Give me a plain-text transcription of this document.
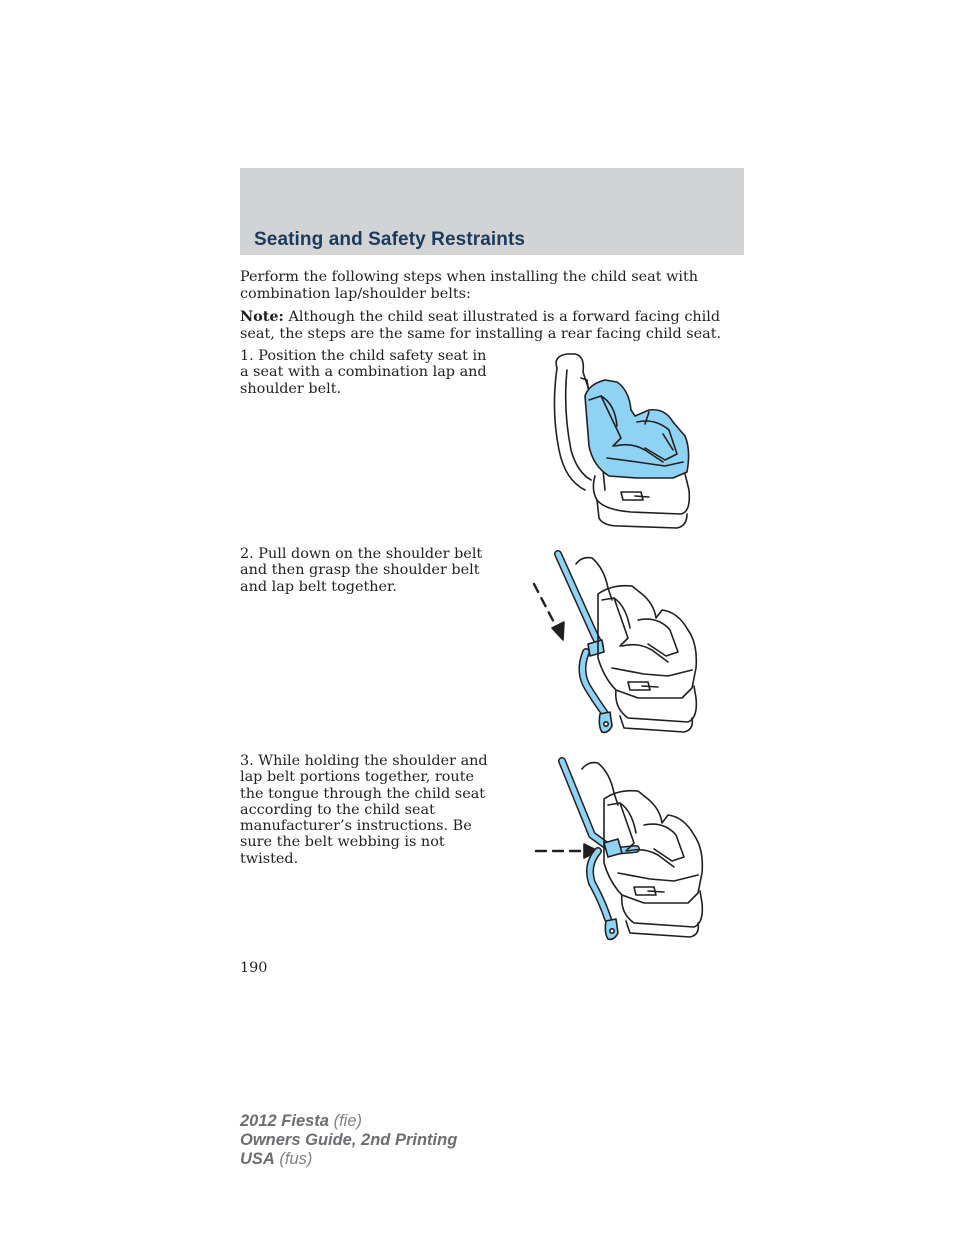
Seating and Safety Restraints

Perform the following steps when installing the child seat with combination lap/shoulder belts:

Note: Although the child seat illustrated is a forward facing child seat, the steps are the same for installing a rear facing child seat.

1. Position the child safety seat in a seat with a combination lap and shoulder belt.

2. Pull down on the shoulder belt and then grasp the shoulder belt and lap belt together.

3. While holding the shoulder and lap belt portions together, route the tongue through the child seat according to the child seat manufacturer’s instructions. Be sure the belt webbing is not twisted.

190

2012 Fiesta (fie)
Owners Guide, 2nd Printing
USA (fus)
